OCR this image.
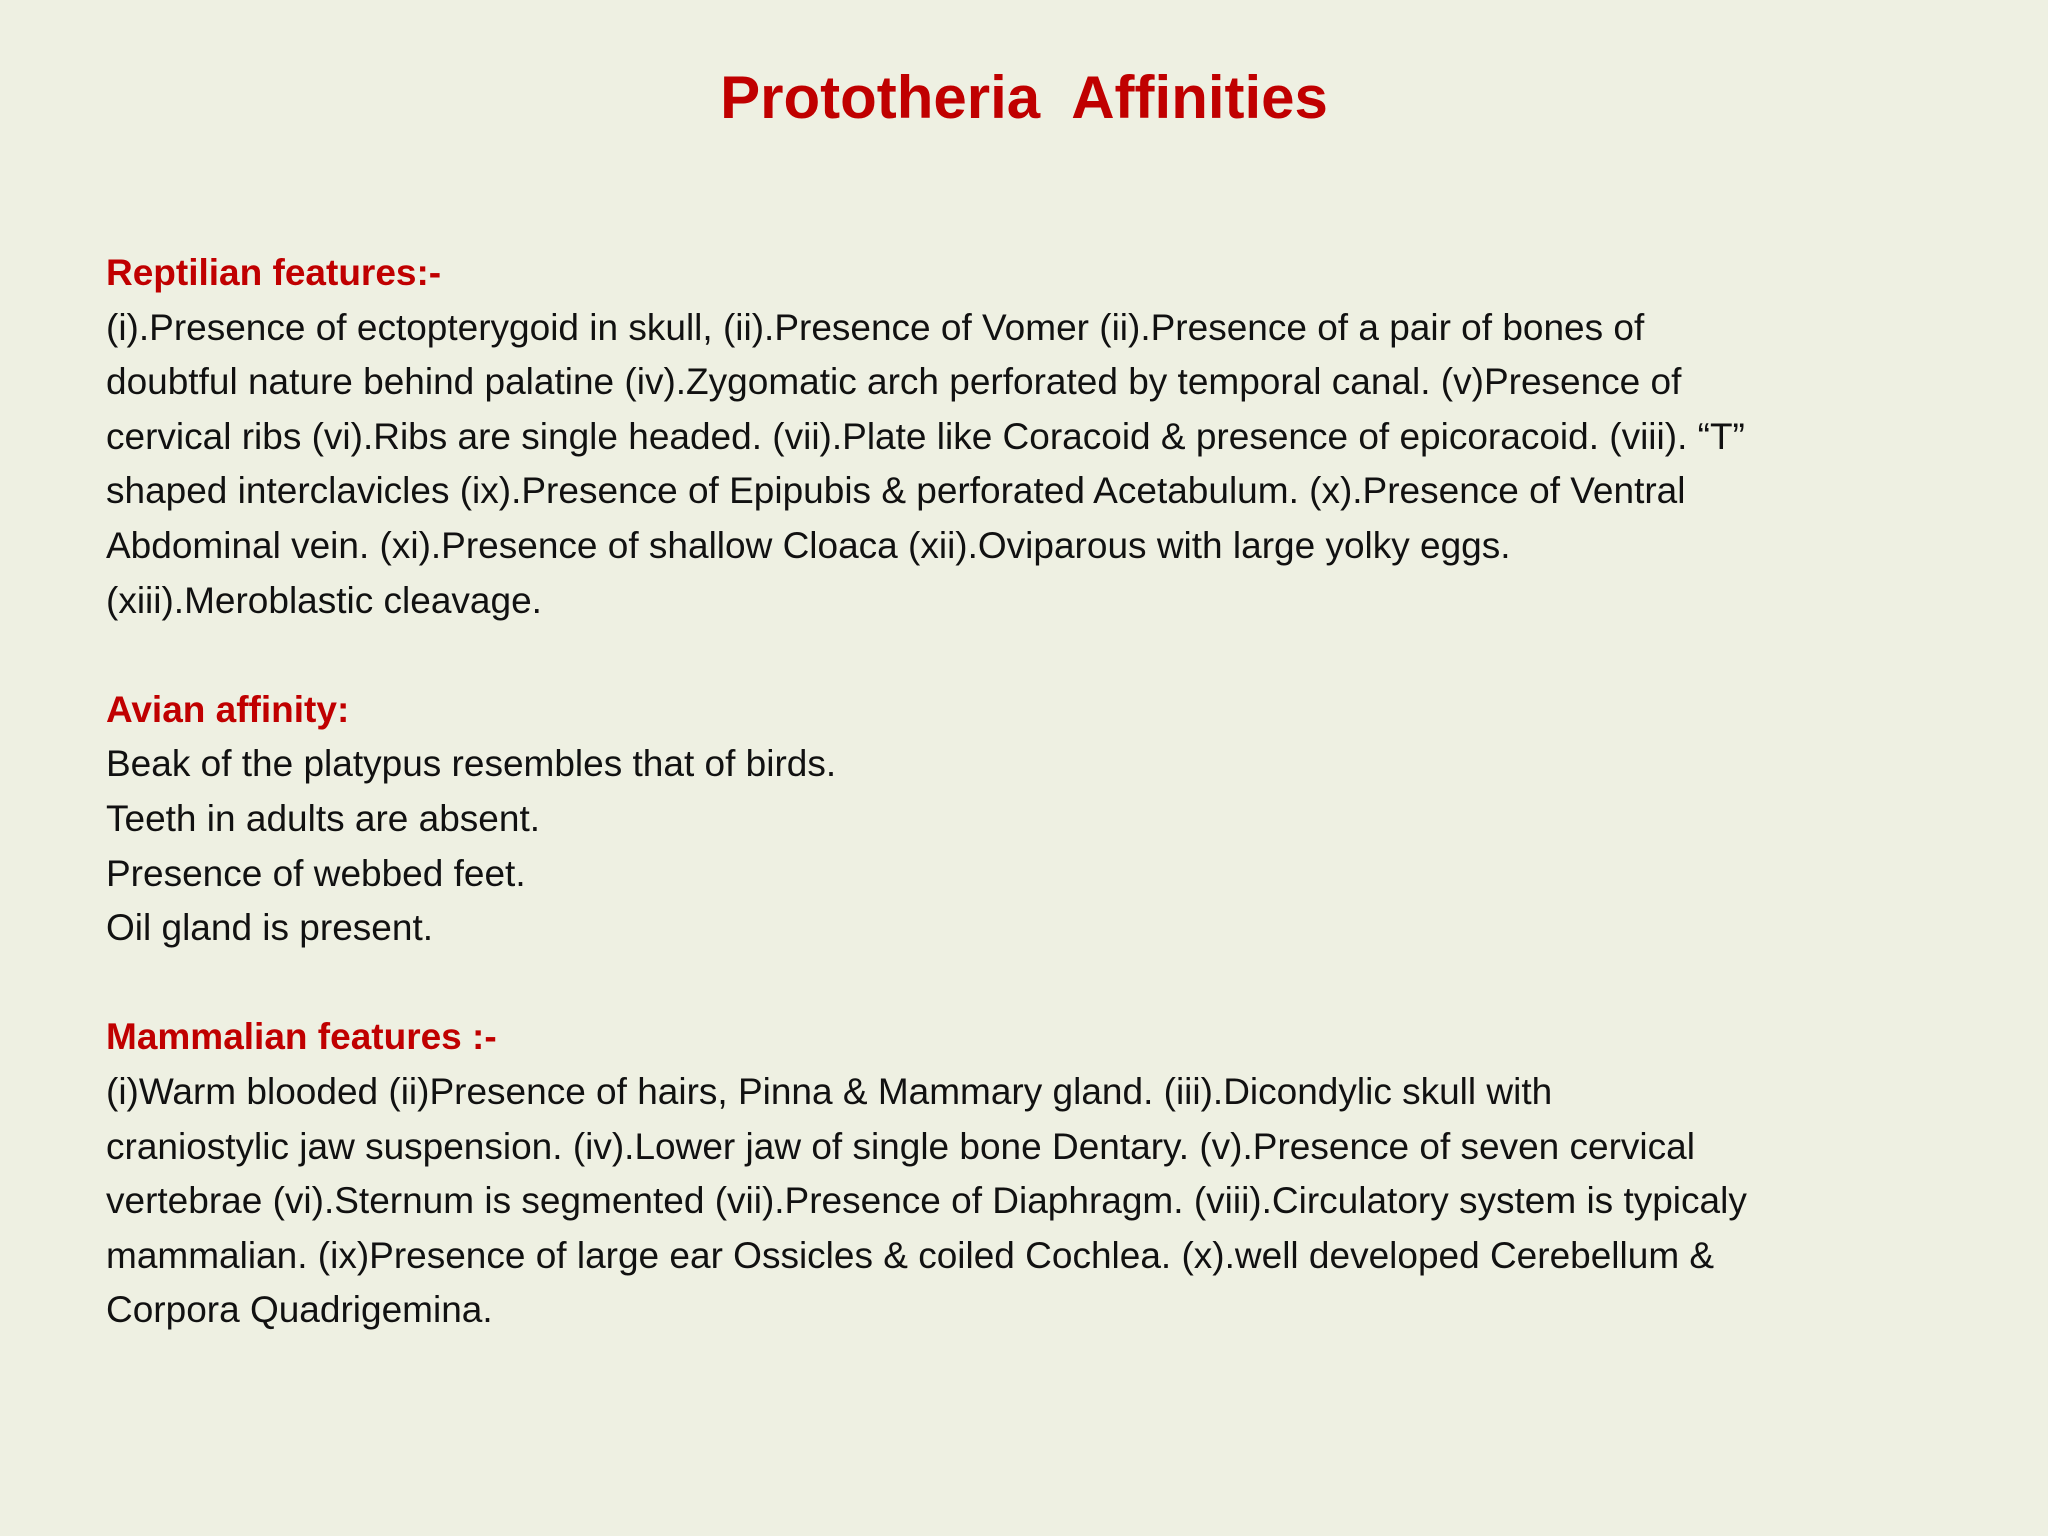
Prototheria  Affinities
Reptilian features:-
(i).Presence of ectopterygoid in skull, (ii).Presence of Vomer (ii).Presence of a pair of bones of
doubtful nature behind palatine (iv).Zygomatic arch perforated by temporal canal. (v)Presence of
cervical ribs (vi).Ribs are single headed. (vii).Plate like Coracoid & presence of epicoracoid. (viii). “T”
shaped interclavicles (ix).Presence of Epipubis & perforated Acetabulum. (x).Presence of Ventral
Abdominal vein. (xi).Presence of shallow Cloaca (xii).Oviparous with large yolky eggs.
(xiii).Meroblastic cleavage.
Avian affinity:
Beak of the platypus resembles that of birds.
Teeth in adults are absent.
Presence of webbed feet.
Oil gland is present.
Mammalian features :-
(i)Warm blooded (ii)Presence of hairs, Pinna & Mammary gland. (iii).Dicondylic skull with
craniostylic jaw suspension. (iv).Lower jaw of single bone Dentary. (v).Presence of seven cervical
vertebrae (vi).Sternum is segmented (vii).Presence of Diaphragm. (viii).Circulatory system is typicaly
mammalian. (ix)Presence of large ear Ossicles & coiled Cochlea. (x).well developed Cerebellum &
Corpora Quadrigemina.
